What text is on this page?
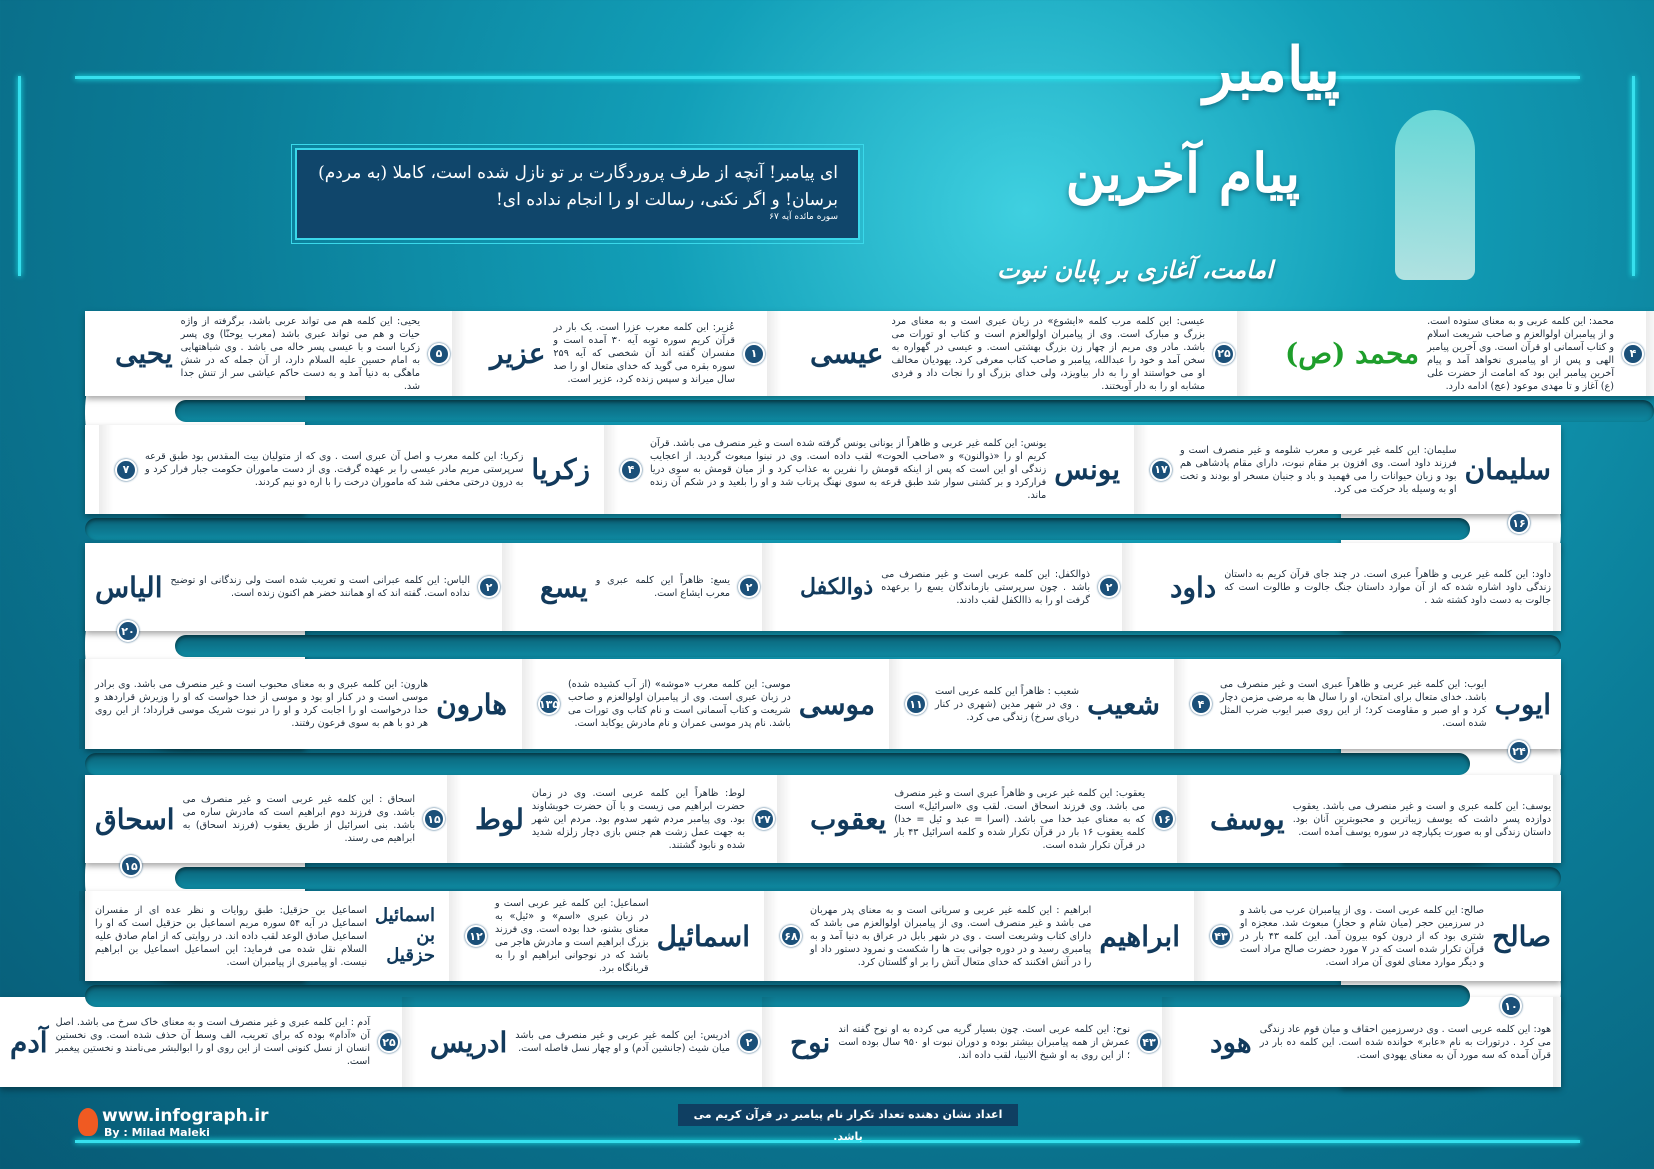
ای پیامبر! آنچه از طرف پروردگارت بر تو نازل شده است، کاملا (به مردم) برسان! و اگر نکنی، رسالت او را انجام نداده ای!
سوره مائده آیه ۶۷
پیامبر
پیام آخرین
امامت، آغازی بر پایان نبوت
۴
محمد: این کلمه عربی و به معنای ستوده است. و از پیامبران اولوالعزم و صاحب شریعت اسلام و کتاب آسمانی او قرآن است. وی آخرین پیامبر الهی و پس از او پیامبری نخواهد آمد و پیام آخرین پیامبر این بود که امامت از حضرت علی (ع) آغاز و تا مهدی موعود (عج) ادامه دارد.
محمد (ص)
۲۵
عیسی: این کلمه مرب کلمه «ایشوع» در زبان عبری است و به معنای مرد بزرگ و مبارک است. وی از پیامبران اولوالعزم است و کتاب او تورات می باشد. مادر وی مریم از چهار زن بزرگ بهشتی است. و عیسی در گهواره به سخن آمد و خود را عبدالله، پیامبر و صاحب کتاب معرفی کرد. یهودیان مخالف او می خواستند او را به دار بیاویزد، ولی خدای بزرگ او را نجات داد و فردی مشابه او را به دار آویختند.
عیسی
۱
عُزیر: این کلمه معرب عزرا است. یک بار در قرآن کریم سوره توبه آیه ۳۰ آمده است و مفسران گفته اند آن شخصی که آیه ۲۵۹ سوره بقره می گوید که خدای متعال او را صد سال میراند و سپس زنده کرد، عزیر است.
عزیر
۵
یحیی: این کلمه هم می تواند عربی باشد، برگرفته از واژه حیات و هم می تواند عبری باشد (معرب یوحنّا) وی پسر زکریا است و با عیسی پسر خاله می باشد . وی شباهتهایی به امام حسین علیه السلام دارد، از آن جمله که در شش ماهگی به دنیا آمد و به دست حاکم عیاشی سر از تنش جدا شد.
یحیی
۱۷
سلیمان: این کلمه غیر عربی و معرب شلومه و غیر منصرف است و فرزند داود است. وی افزون بر مقام نبوت، دارای مقام پادشاهی هم بود و زبان حیوانات را می فهمید و باد و جنیان مسخر او بودند و تخت او به وسیله باد حرکت می کرد.
سلیمان
۴
یونس: این کلمه غیر عربی و ظاهراً از یونانی یونس گرفته شده است و غیر منصرف می باشد. قرآن کریم او را «ذوالنون» و «صاحب الحوت» لقب داده است. وی در نینوا مبعوث گردید. از اعجایب زندگی او این است که پس از اینکه قومش را نفرین به عذاب کرد و از میان قومش به سوی دریا فرارکرد و بر کشتی سوار شد طبق قرعه به سوی نهنگ پرتاب شد و او را بلعید و در شکم آن زنده ماند.
یونس
۷
زکریا: این کلمه معرب و اصل آن عبری است . وی که از متولیان بیت المقدس بود طبق قرعه سرپرستی مریم مادر عیسی را بر عهده گرفت. وی از دست ماموران حکومت جبار فرار کرد و به درون درختی مخفی شد که ماموران درخت را با اره دو نیم کردند. زکریا
۱۶
داود: این کلمه غیر عربی و ظاهراً عبری است. در چند جای قرآن کریم به داستان زندگی داود اشاره شده که از آن موارد داستان جنگ جالوت و طالوت است که جالوت به دست داود کشته شد .
داود
۲
ذوالکفل: این کلمه عربی است و غیر منصرف می باشد . چون سرپرستی بازماندگان یسع را برعهده گرفت او را به ذاالکفل لقب دادند.
ذوالکفل
۲
یسع: ظاهراً این کلمه عبری و معرب ایشاع است.
یسع
۲
الیاس: این کلمه عبرانی است و تعریب شده است ولی زندگانی او توضیح نداده است. گفته اند که او همانند خضر هم اکنون زنده است.
الیاس
۴
ایوب: این کلمه غیر عربی و ظاهراً عبری است و غیر منصرف می باشد. خدای متعال برای امتحان، او را سال ها به مرضی مزمن دچار کرد و او صبر و مقاومت کرد؛ از این روی صبر ایوب ضرب المثل شده است.
ایوب
۱۱
شعیب : ظاهراً این کلمه عربی است . وی در شهر مدین (شهری در کنار دریای سرخ) زندگی می کرد. شعیب
۱۳۵
موسی: این کلمه معرب «موشه» (از آب کشیده شده) در زبان عبری است. وی از پیامبران اولوالعزم و صاحب شریعت و کتاب آسمانی است و نام کتاب وی تورات می باشد. نام پدر موسی عمران و نام مادرش یوکابد است.
موسی
۲۰
هارون: این کلمه عبری و به معنای محبوب است و غیر منصرف می باشد. وی برادر موسی است و در کنار او بود و موسی از خدا خواست که او را وزیرش قراردهد و خدا درخواست او را اجابت کرد و او را در نبوت شریک موسی قرارداد؛ از این روی هر دو با هم به سوی فرعون رفتند.
هارون
۲۴
یوسف: این کلمه عبری و است و غیر منصرف می باشد. یعقوب دوازده پسر داشت که یوسف زیباترین و محبوبترین آنان بود. داستان زندگی او به صورت یکپارچه در سوره یوسف آمده است.
یوسف
۱۶
یعقوب: این کلمه غیر عربی و ظاهراً عبری است و غیر منصرف می باشد. وی فرزند اسحاق است. لقب وی «اسرائیل» است که به معنای عبد خدا می باشد. (اسرا = عبد و ئیل = خدا) کلمه یعقوب ۱۶ بار در قرآن تکرار شده و کلمه اسرائیل ۴۳ بار در قرآن تکرار شده است.
یعقوب
۲۷
لوط: ظاهراً این کلمه عربی است. وی در زمان حضرت ابراهیم می زیست و با آن حضرت خویشاوند بود. وی پیامبر مردم شهر سدوم بود. مردم این شهر به جهت عمل زشت هم جنس بازی دچار زلزله شدید شده و نابود گشتند.
لوط
۱۵
اسحاق : این کلمه غیر عربی است و غیر منصرف می باشد. وی فرزند دوم ابراهیم است که مادرش ساره می باشد. بنی اسرائیل از طریق یعقوب (فرزند اسحاق) به ابراهیم می رسند.
اسحاق
۴۳
صالح: این کلمه عربی است . وی از پیامبران عرب می باشد و در سرزمین حجر (میان شام و حجاز) مبعوث شد. معجزه او شتری بود که از درون کوه بیرون آمد. این کلمه ۴۳ بار در قرآن تکرار شده است که در ۷ مورد حضرت صالح مراد است و دیگر موارد معنای لغوی آن مراد است.
صالح
۶۸
ابراهیم : این کلمه غیر عربی و سریانی است و به معنای پدر مهربان می باشد و غیر منصرف است. وی از پیامبران اولوالعزم می باشد که دارای کتاب وشریعت است . وی در شهر بابل در عراق به دنیا آمد و به پیامبری رسید و در دوره جوانی بت ها را شکست و نمرود دستور داد او را در آتش افکنند که خدای متعال آتش را بر او گلستان کرد.
ابراهیم
۱۲
اسماعیل: این کلمه غیر عربی است و در زبان عبری «اسم» و «ئیل» به معنای بشنو، خدا بوده است. وی فرزند بزرگ ابراهیم است و مادرش هاجر می باشد که در نوجوانی ابراهیم او را به قربانگاه برد.
اسمائیل
۱۵
اسماعیل بن حزقیل: طبق روایات و نظر عده ای از مفسران اسماعیل در آیه ۵۴ سوره مریم اسماعیل بن حزقیل است که او را اسماعیل صادق الوعد لقب داده اند. در روایتی که از امام صادق علیه السلام نقل شده می فرماید: این اسماعیل اسماعیل بن ابراهیم نیست. او پیامبری از پیامبران است.
اسمائیل بن حزقیل
۱۰
هود: این کلمه عربی است . وی درسرزمین احقاف و میان قوم عاد زندگی می کرد . درتورات به نام «عابر» خوانده شده است. این کلمه ده بار در قرآن آمده که سه مورد آن به معنای یهودی است.
هود
۴۳
نوح: این کلمه عربی است. چون بسیار گریه می کرده به او نوح گفته اند عمرش از همه پیامبران بیشتر بوده و دوران نبوت او ۹۵۰ سال بوده است ؛ از این روی به او شیخ الانبیا، لقب داده اند.
نوح
۲
ادریس: این کلمه غیر عربی و غیر منصرف می باشد میان شیث (جانشین آدم) و او چهار نسل فاصله است.
ادریس
۲۵
آدم : این کلمه عبری و غیر منصرف است و به معنای خاک سرخ می باشد. اصل آن «آدام» بوده که برای تعریب، الف وسط آن حذف شده است. وی نخستین انسان از نسل کنونی است از این روی او را ابوالبشر می‌نامند و نخستین پیغمبر است.
آدم
اعداد نشان دهنده تعداد تکرار نام پیامبر در قرآن کریم می باشد.
www.infograph.ir
By : Milad Maleki
